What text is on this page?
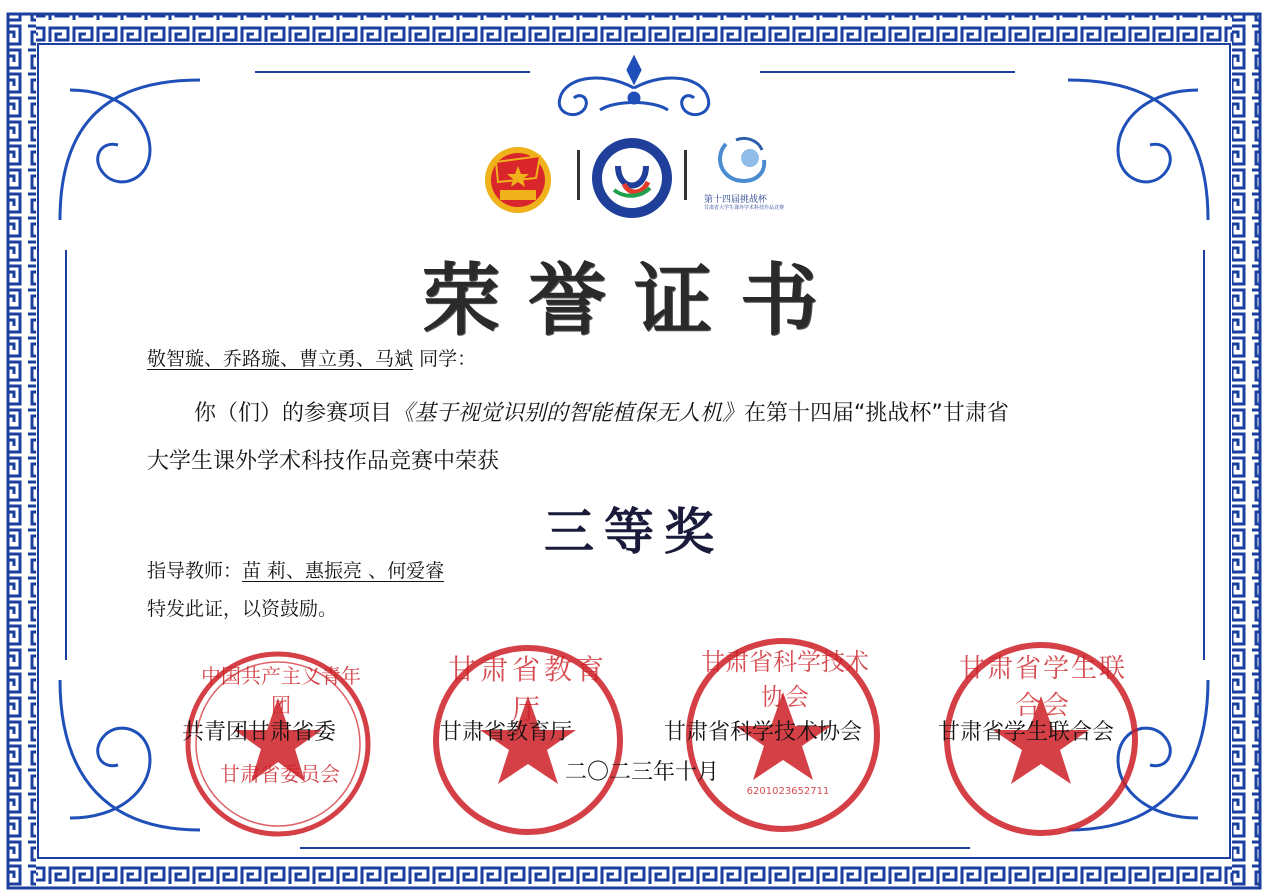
第十四届挑战杯
甘肃省大学生课外学术科技作品竞赛
荣誉证书
敬智璇、乔路璇、曹立勇、马斌 同学：
你（们）的参赛项目《基于视觉识别的智能植保无人机》在第十四届“挑战杯”甘肃省
大学生课外学术科技作品竞赛中荣获
三等奖
指导教师：苗 莉、惠振亮 、何爱睿
特发此证，以资鼓励。
中国共产主义青年团
甘肃省委员会
甘肃省教育厅
甘肃省科学技术协会
6201023652711
甘肃省学生联合会
共青团甘肃省委	甘肃省教育厅	甘肃省科学技术协会	甘肃省学生联合会
二〇二三年十月
